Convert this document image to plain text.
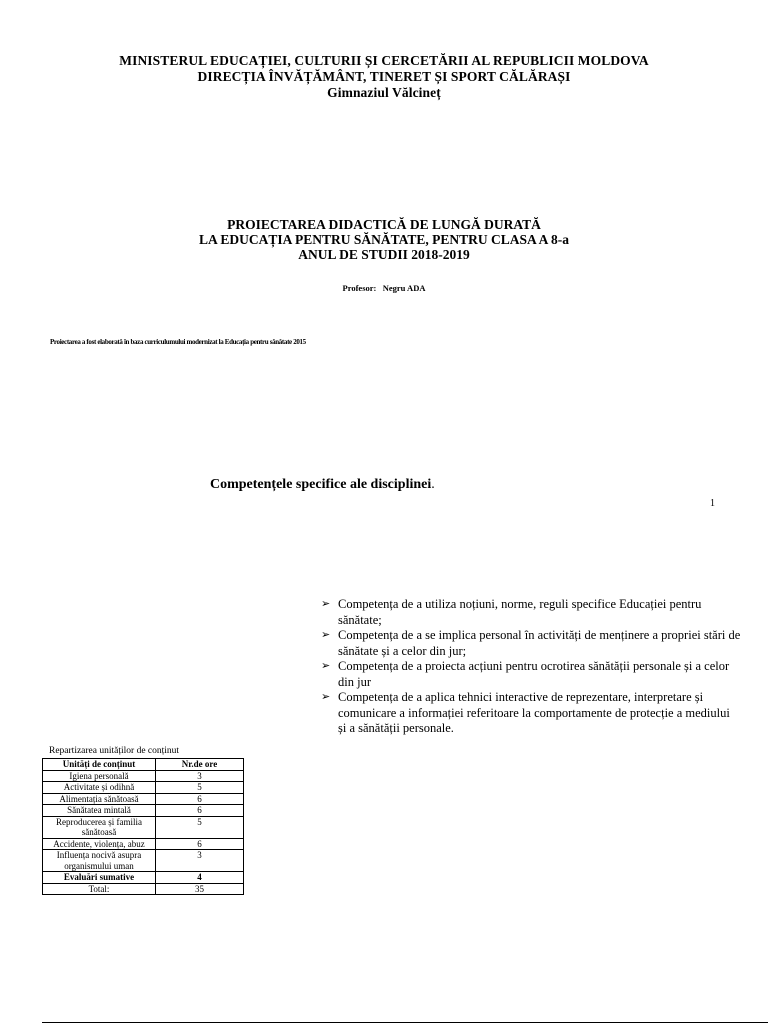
MINISTERUL EDUCAȚIEI, CULTURII ȘI CERCETĂRII AL REPUBLICII MOLDOVA
DIRECȚIA ÎNVĂȚĂMÂNT, TINERET ȘI SPORT CĂLĂRAȘI
Gimnaziul Vălcineț
PROIECTAREA DIDACTICĂ DE LUNGĂ DURATĂ
LA EDUCAȚIA PENTRU SĂNĂTATE, PENTRU CLASA A 8-a
ANUL DE STUDII 2018-2019
Profesor: Negru ADA
Proiectarea a fost elaborată în baza curriculumului modernizat la Educația pentru sănătate 2015
Competențele specifice ale disciplinei.
1
➢ Competența de a utiliza noțiuni, norme, reguli specifice Educației pentru sănătate;
➢ Competența de a se implica personal în activități de menținere a propriei stări de sănătate și a celor din jur;
➢ Competența de a proiecta acțiuni pentru ocrotirea sănătății personale și a celor din jur
➢ Competența de a aplica tehnici interactive de reprezentare, interpretare și comunicare a informației referitoare la comportamente de protecție a mediului și a sănătății personale.
Repartizarea unităților de conținut
Unități de conținut	Nr.de ore
Igiena personală	3
Activitate și odihnă	5
Alimentația sănătoasă	6
Sănătatea mintală	6
Reproducerea și familia sănătoasă	5
Accidente, violența, abuz	6
Influența nocivă asupra organismului uman	3
Evaluări sumative	4
Total:	35
